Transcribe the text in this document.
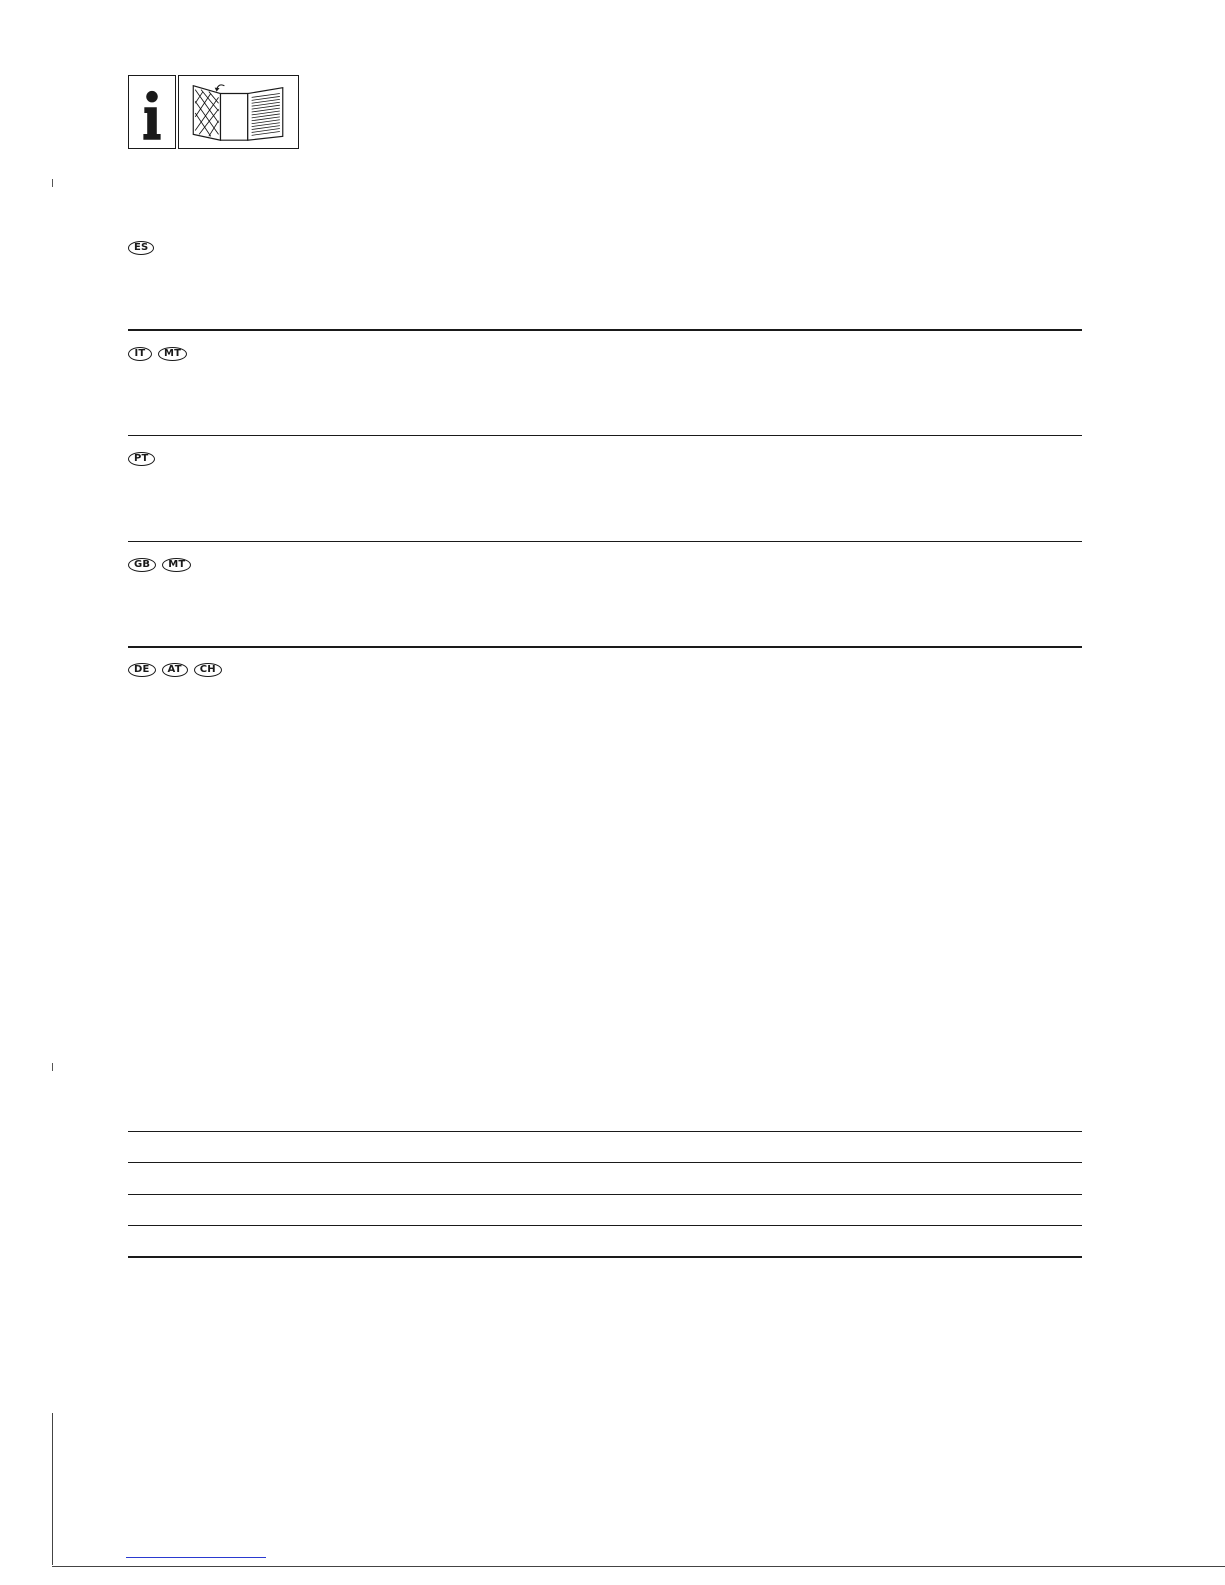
ES
IT	MT
PT
GB	MT
DE	AT	CH
